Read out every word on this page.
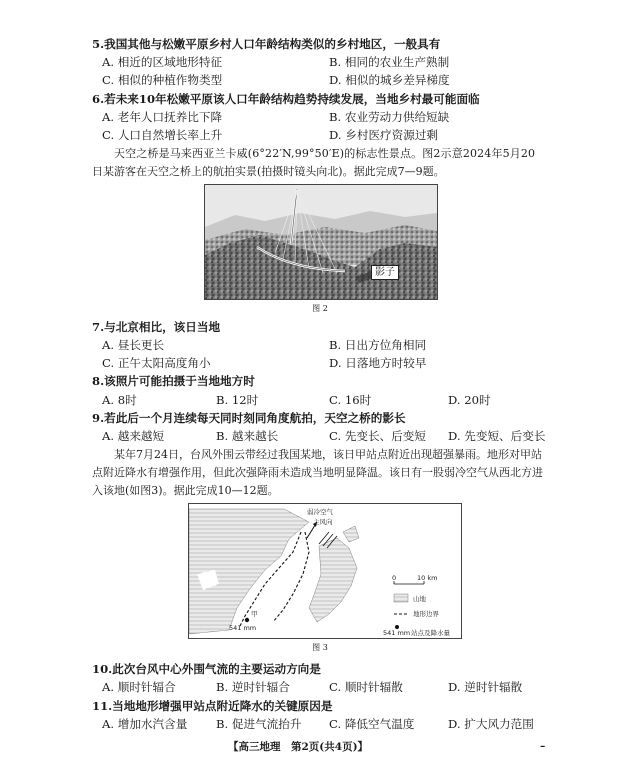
5.我国其他与松嫩平原乡村人口年龄结构类似的乡村地区，一般具有
A. 相近的区域地形特征	B. 相同的农业生产熟制
C. 相似的种植作物类型	D. 相似的城乡差异梯度
6.若未来10年松嫩平原该人口年龄结构趋势持续发展，当地乡村最可能面临
A. 老年人口抚养比下降	B. 农业劳动力供给短缺
C. 人口自然增长率上升	D. 乡村医疗资源过剩
天空之桥是马来西亚兰卡威(6°22′N,99°50′E)的标志性景点。图2示意2024年5月20
日某游客在天空之桥上的航拍实景(拍摄时镜头向北)。据此完成7—9题。
影子
图 2
7.与北京相比，该日当地
A. 昼长更长	B. 日出方位角相同
C. 正午太阳高度角小	D. 日落地方时较早
8.该照片可能拍摄于当地地方时
A. 8时	B. 12时	C. 16时	D. 20时
9.若此后一个月连续每天同时刻同角度航拍，天空之桥的影长
A. 越来越短	B. 越来越长	C. 先变长、后变短 D. 先变短、后变长
某年7月24日，台风外围云带经过我国某地，该日甲站点附近出现超强暴雨。地形对甲站
点附近降水有增强作用，但此次强降雨未造成当地明显降温。该日有一股弱冷空气从西北方进
入该地(如图3)。据此完成10—12题。
弱冷空气
主风向
甲
541 mm
0	10 km
山地
地形边界
541 mm 站点及降水量
图 3
10.此次台风中心外围气流的主要运动方向是
A. 顺时针辐合	B. 逆时针辐合	C. 顺时针辐散	D. 逆时针辐散
11.当地地形增强甲站点附近降水的关键原因是
A. 增加水汽含量 B. 促进气流抬升 C. 降低空气温度	D. 扩大风力范围
【高三地理　第2页(共4页)】	–
